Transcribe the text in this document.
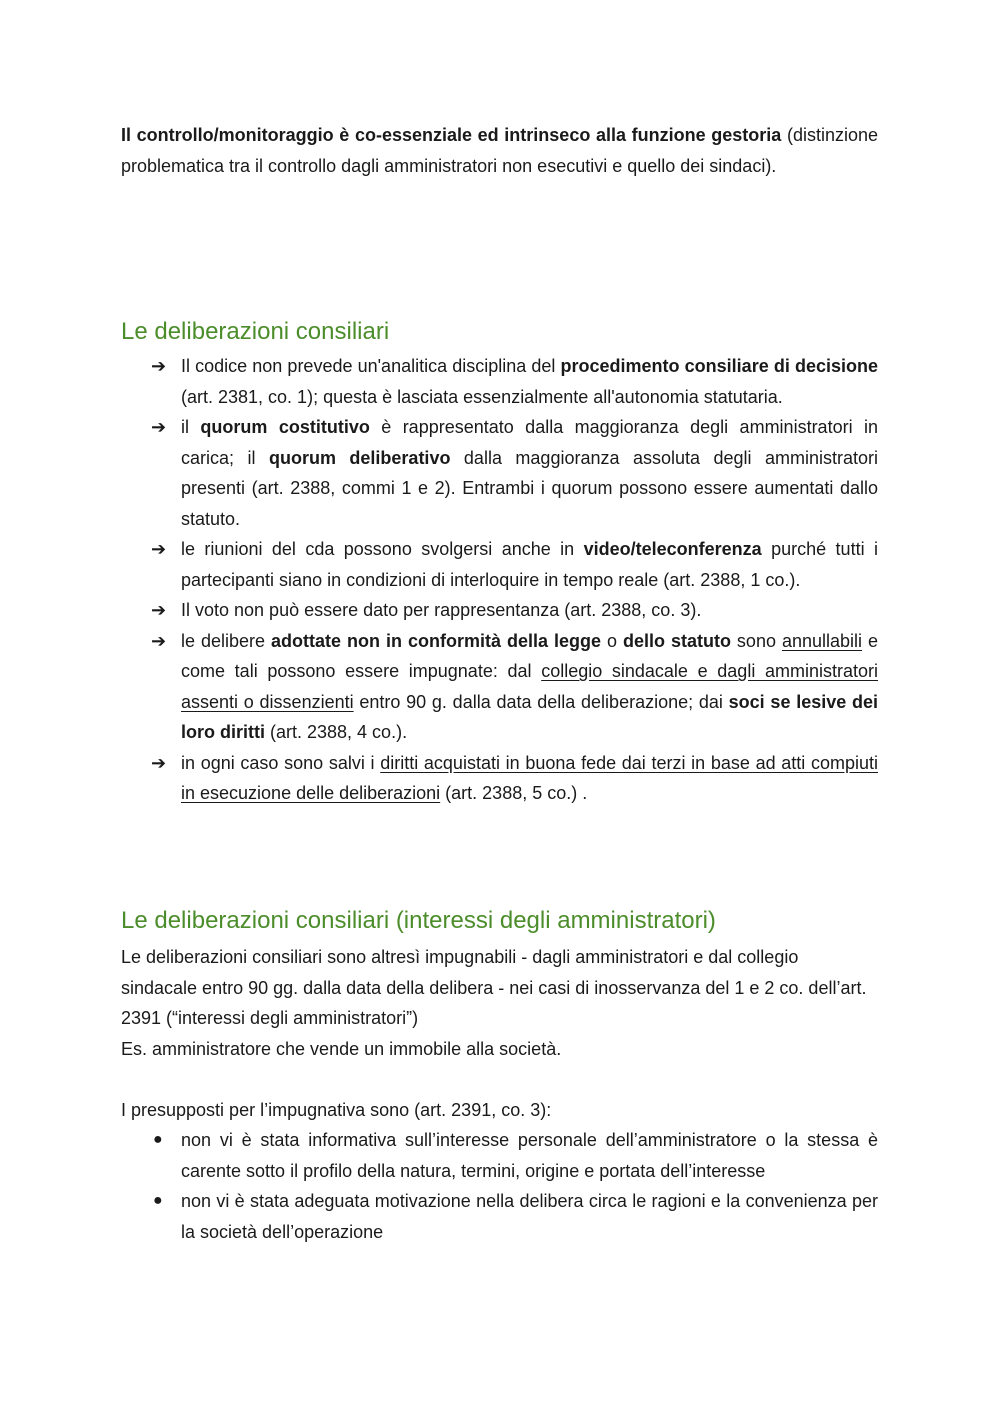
Il controllo/monitoraggio è co-essenziale ed intrinseco alla funzione gestoria (distinzione problematica tra il controllo dagli amministratori non esecutivi e quello dei sindaci).
Le deliberazioni consiliari
➔ Il codice non prevede un'analitica disciplina del procedimento consiliare di decisione (art. 2381, co. 1); questa è lasciata essenzialmente all'autonomia statutaria.
➔ il quorum costitutivo è rappresentato dalla maggioranza degli amministratori in carica; il quorum deliberativo dalla maggioranza assoluta degli amministratori presenti (art. 2388, commi 1 e 2). Entrambi i quorum possono essere aumentati dallo statuto.
➔ le riunioni del cda possono svolgersi anche in video/teleconferenza purché tutti i partecipanti siano in condizioni di interloquire in tempo reale (art. 2388, 1 co.).
➔ Il voto non può essere dato per rappresentanza (art. 2388, co. 3).
➔ le delibere adottate non in conformità della legge o dello statuto sono annullabili e come tali possono essere impugnate: dal collegio sindacale e dagli amministratori assenti o dissenzienti entro 90 g. dalla data della deliberazione; dai soci se lesive dei loro diritti (art. 2388, 4 co.).
➔ in ogni caso sono salvi i diritti acquistati in buona fede dai terzi in base ad atti compiuti in esecuzione delle deliberazioni (art. 2388, 5 co.) .
Le deliberazioni consiliari (interessi degli amministratori)
Le deliberazioni consiliari sono altresì impugnabili - dagli amministratori e dal collegio sindacale entro 90 gg. dalla data della delibera - nei casi di inosservanza del 1 e 2 co. dell’art. 2391 (“interessi degli amministratori”)
Es. amministratore che vende un immobile alla società.
I presupposti per l’impugnativa sono (art. 2391, co. 3):
●	non vi è stata informativa sull’interesse personale dell’amministratore o la stessa è carente sotto il profilo della natura, termini, origine e portata dell’interesse
●	non vi è stata adeguata motivazione nella delibera circa le ragioni e la convenienza per la società dell’operazione
